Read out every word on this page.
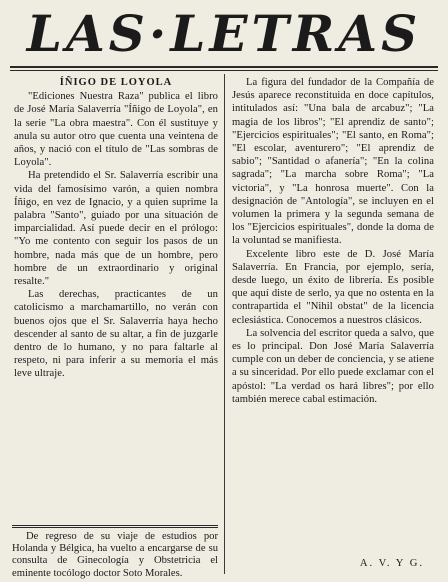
LAS·LETRAS
ÍÑIGO DE LOYOLA

"Ediciones Nuestra Raza" publica el libro de José María Salaverría "Íñigo de Loyola", en la serie "La obra maestra". Con él sustituye y anula su autor otro que cuenta una veintena de años, y nació con el título de "Las sombras de Loyola".

Ha pretendido el Sr. Salaverría escribir una vida del famosísimo varón, a quien nombra Íñigo, en vez de Ignacio, y a quien suprime la palabra "Santo", guiado por una situación de imparcialidad. Así puede decir en el prólogo: "Yo me contento con seguir los pasos de un hombre, nada más que de un hombre, pero hombre de un extraordinario y original resalte."

Las derechas, practicantes de un catolicismo a marchamartillo, no verán con buenos ojos que el Sr. Salaverría haya hecho descender al santo de su altar, a fin de juzgarle dentro de lo humano, y no para faltarle al respeto, ni para inferir a su memoria el más leve ultraje.

La figura del fundador de la Compañía de Jesús aparece reconstituida en doce capítulos, intitulados así: "Una bala de arcabuz"; "La magia de los libros"; "El aprendiz de santo"; "Ejercicios espirituales"; "El santo, en Roma"; "El escolar, aventurero"; "El aprendiz de sabio"; "Santidad o afanería"; "En la colina sagrada"; "La marcha sobre Roma"; "La victoria", y "La honrosa muerte". Con la designación de "Antología", se incluyen en el volumen la primera y la segunda semana de los "Ejercicios espirituales", donde la doma de la voluntad se manifiesta.

Excelente libro este de D. José María Salaverría. En Francia, por ejemplo, sería, desde luego, un éxito de librería. Es posible que aquí diste de serlo, ya que no ostenta en la contrapartida el "Nihil obstat" de la licencia eclesiástica. Conocemos a nuestros clásicos.

La solvencia del escritor queda a salvo, que es lo principal. Don José María Salaverría cumple con un deber de conciencia, y se atiene a su sinceridad. Por ello puede exclamar con el apóstol: "La verdad os hará libres"; por ello también merece cabal estimación.

De regreso de su viaje de estudios por Holanda y Bélgica, ha vuelto a encargarse de su consulta de Ginecología y Obstetricia el eminente tocólogo doctor Soto Morales.

A. V. Y G.
